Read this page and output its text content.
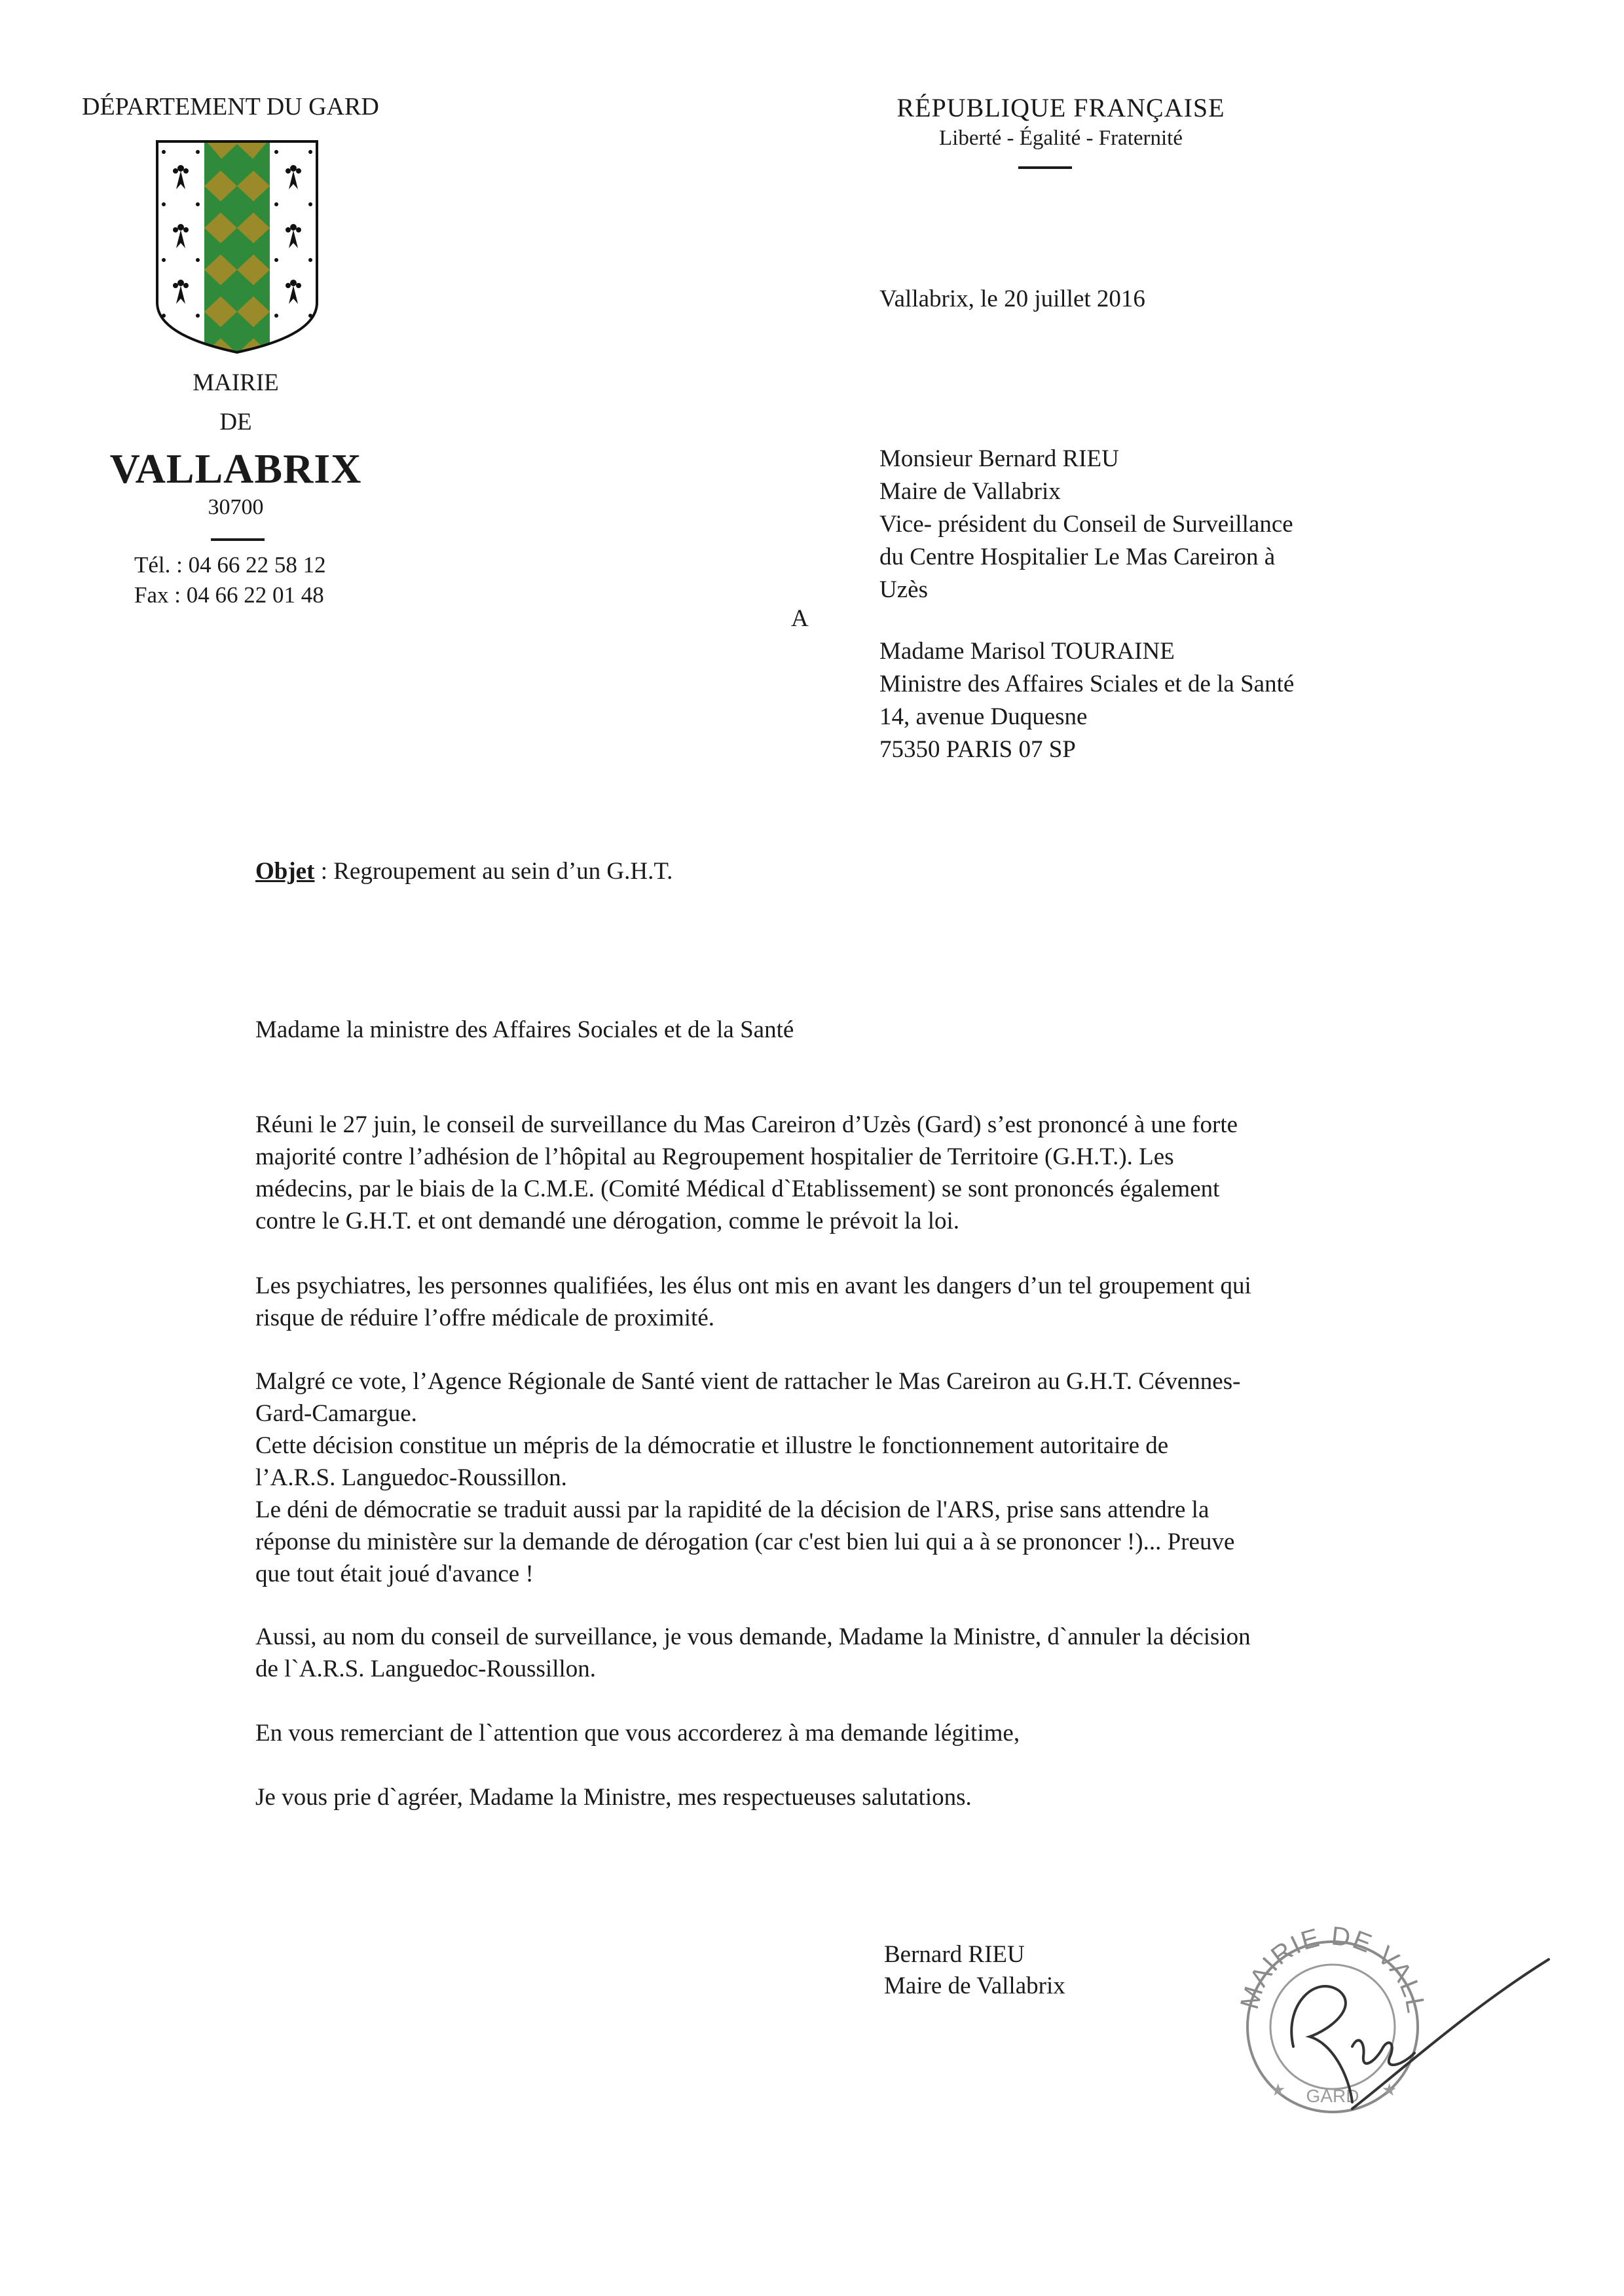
DÉPARTEMENT DU GARD
MAIRIE
DE
VALLABRIX
30700
Tél. : 04 66 22 58 12
Fax : 04 66 22 01 48
RÉPUBLIQUE FRANÇAISE
Liberté - Égalité - Fraternité
Vallabrix, le 20 juillet 2016
Monsieur Bernard RIEU
Maire de Vallabrix
Vice- président du Conseil de Surveillance
du Centre Hospitalier Le Mas Careiron à
Uzès
A
Madame Marisol TOURAINE
Ministre des Affaires Sciales et de la Santé
14, avenue Duquesne
75350 PARIS 07 SP
Objet : Regroupement au sein d’un G.H.T.
Madame la ministre des Affaires Sociales et de la Santé
Réuni le 27 juin, le conseil de surveillance du Mas Careiron d’Uzès (Gard) s’est prononcé à une forte
majorité contre l’adhésion de l’hôpital au Regroupement hospitalier de Territoire (G.H.T.). Les
médecins, par le biais de la C.M.E. (Comité Médical d`Etablissement) se sont prononcés également
contre le G.H.T. et ont demandé une dérogation, comme le prévoit la loi.
Les psychiatres, les personnes qualifiées, les élus ont mis en avant les dangers d’un tel groupement qui
risque de réduire l’offre médicale de proximité.
Malgré ce vote, l’Agence Régionale de Santé vient de rattacher le Mas Careiron au G.H.T. Cévennes-
Gard-Camargue.
Cette décision constitue un mépris de la démocratie et illustre le fonctionnement autoritaire de
l’A.R.S. Languedoc-Roussillon.
Le déni de démocratie se traduit aussi par la rapidité de la décision de l'ARS, prise sans attendre la
réponse du ministère sur la demande de dérogation (car c'est bien lui qui a à se prononcer !)... Preuve
que tout était joué d'avance !
Aussi, au nom du conseil de surveillance, je vous demande, Madame la Ministre, d`annuler la décision
de l`A.R.S. Languedoc-Roussillon.
En vous remerciant de l`attention que vous accorderez à ma demande légitime,
Je vous prie d`agréer, Madame la Ministre, mes respectueuses salutations.
Bernard RIEU
Maire de Vallabrix	MAIRIE DE VALL
GARD
★	★
